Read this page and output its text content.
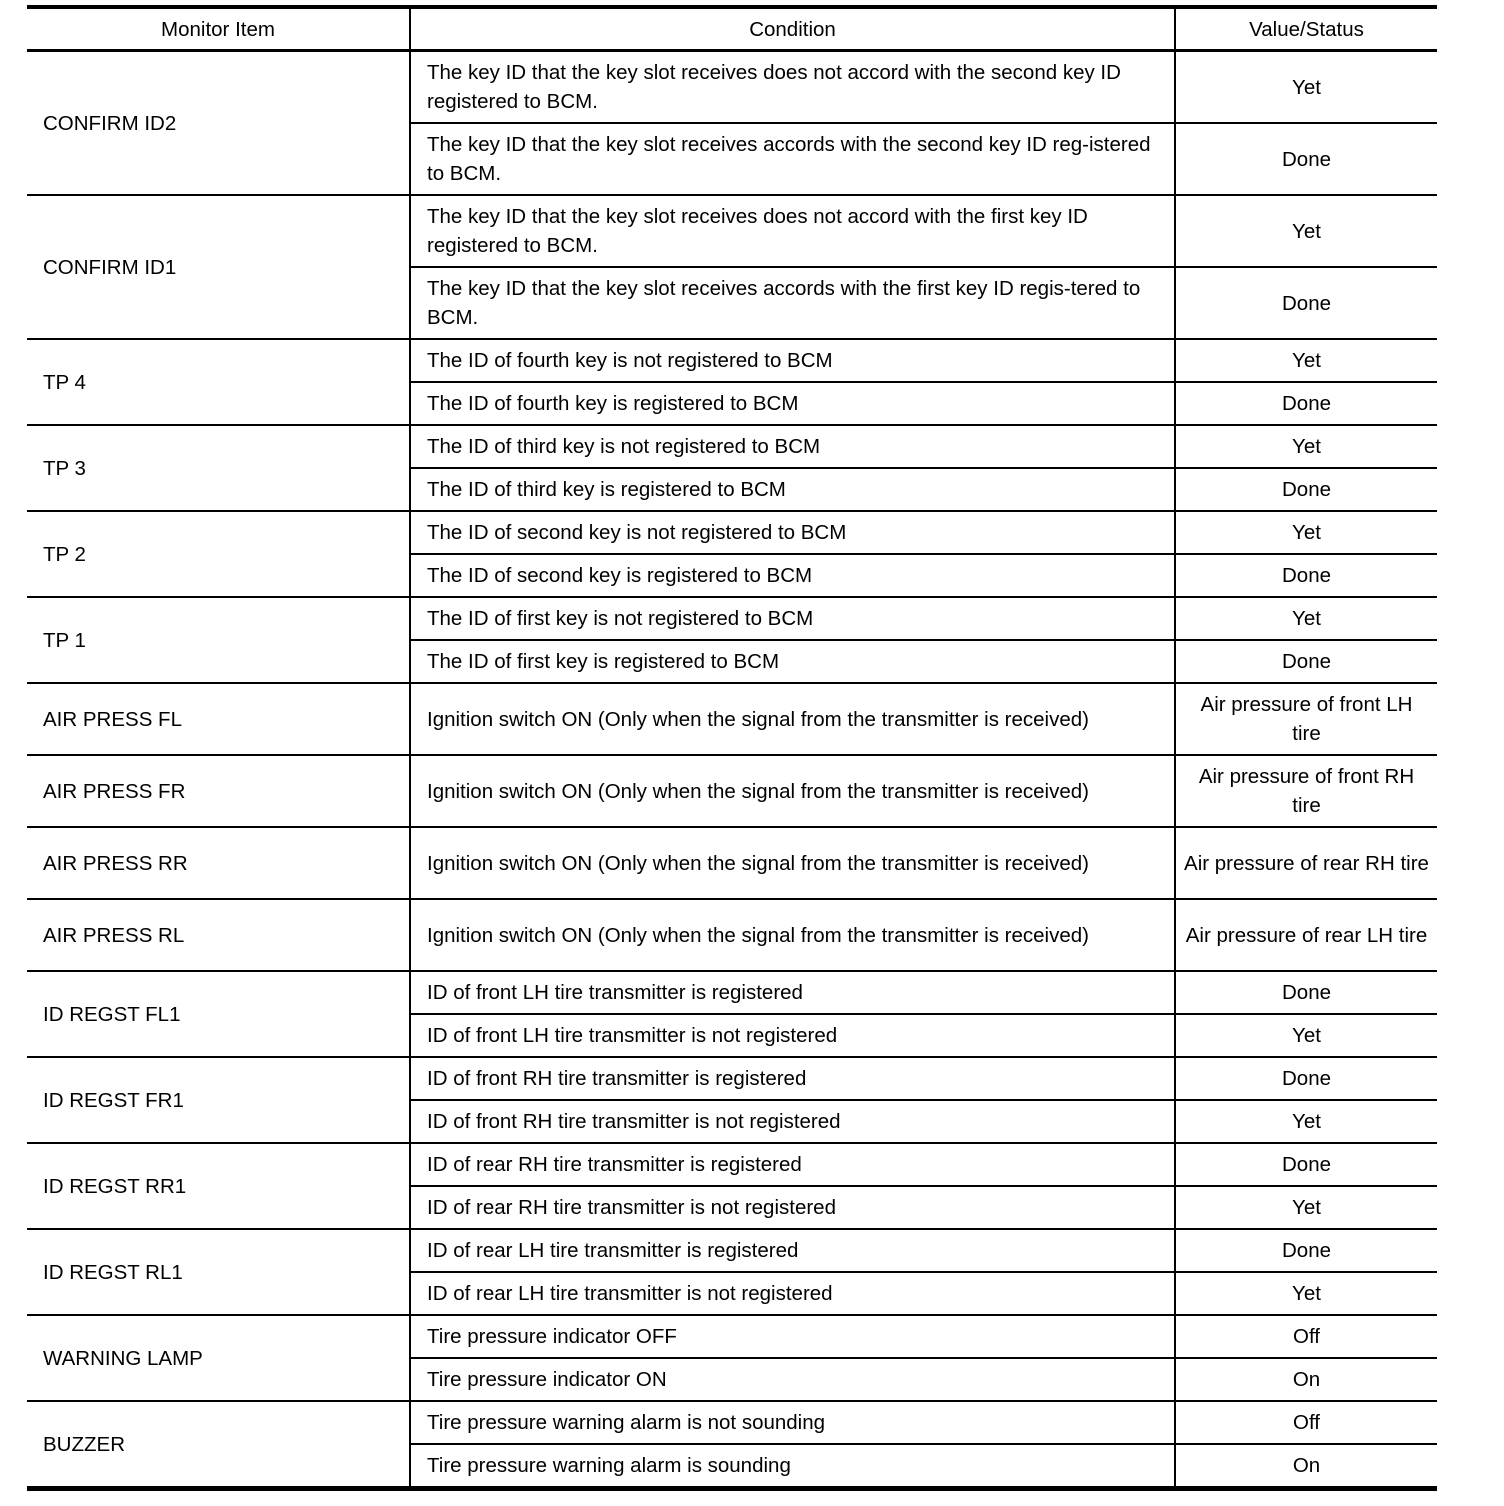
Monitor Item	Condition	Value/Status
CONFIRM ID2	The key ID that the key slot receives does not accord with the second key ID registered to BCM.	Yet
	The key ID that the key slot receives accords with the second key ID reg-istered to BCM.	Done
CONFIRM ID1	The key ID that the key slot receives does not accord with the first key ID registered to BCM.	Yet
	The key ID that the key slot receives accords with the first key ID regis-tered to BCM.	Done
TP 4	The ID of fourth key is not registered to BCM	Yet
	The ID of fourth key is registered to BCM	Done
TP 3	The ID of third key is not registered to BCM	Yet
	The ID of third key is registered to BCM	Done
TP 2	The ID of second key is not registered to BCM	Yet
	The ID of second key is registered to BCM	Done
TP 1	The ID of first key is not registered to BCM	Yet
	The ID of first key is registered to BCM	Done
AIR PRESS FL	Ignition switch ON (Only when the signal from the transmitter is received)	Air pressure of front LH tire
AIR PRESS FR	Ignition switch ON (Only when the signal from the transmitter is received)	Air pressure of front RH tire
AIR PRESS RR	Ignition switch ON (Only when the signal from the transmitter is received)	Air pressure of rear RH tire
AIR PRESS RL	Ignition switch ON (Only when the signal from the transmitter is received)	Air pressure of rear LH tire
ID REGST FL1	ID of front LH tire transmitter is registered	Done
	ID of front LH tire transmitter is not registered	Yet
ID REGST FR1	ID of front RH tire transmitter is registered	Done
	ID of front RH tire transmitter is not registered	Yet
ID REGST RR1	ID of rear RH tire transmitter is registered	Done
	ID of rear RH tire transmitter is not registered	Yet
ID REGST RL1	ID of rear LH tire transmitter is registered	Done
	ID of rear LH tire transmitter is not registered	Yet
WARNING LAMP	Tire pressure indicator OFF	Off
	Tire pressure indicator ON	On
BUZZER	Tire pressure warning alarm is not sounding	Off
	Tire pressure warning alarm is sounding	On
